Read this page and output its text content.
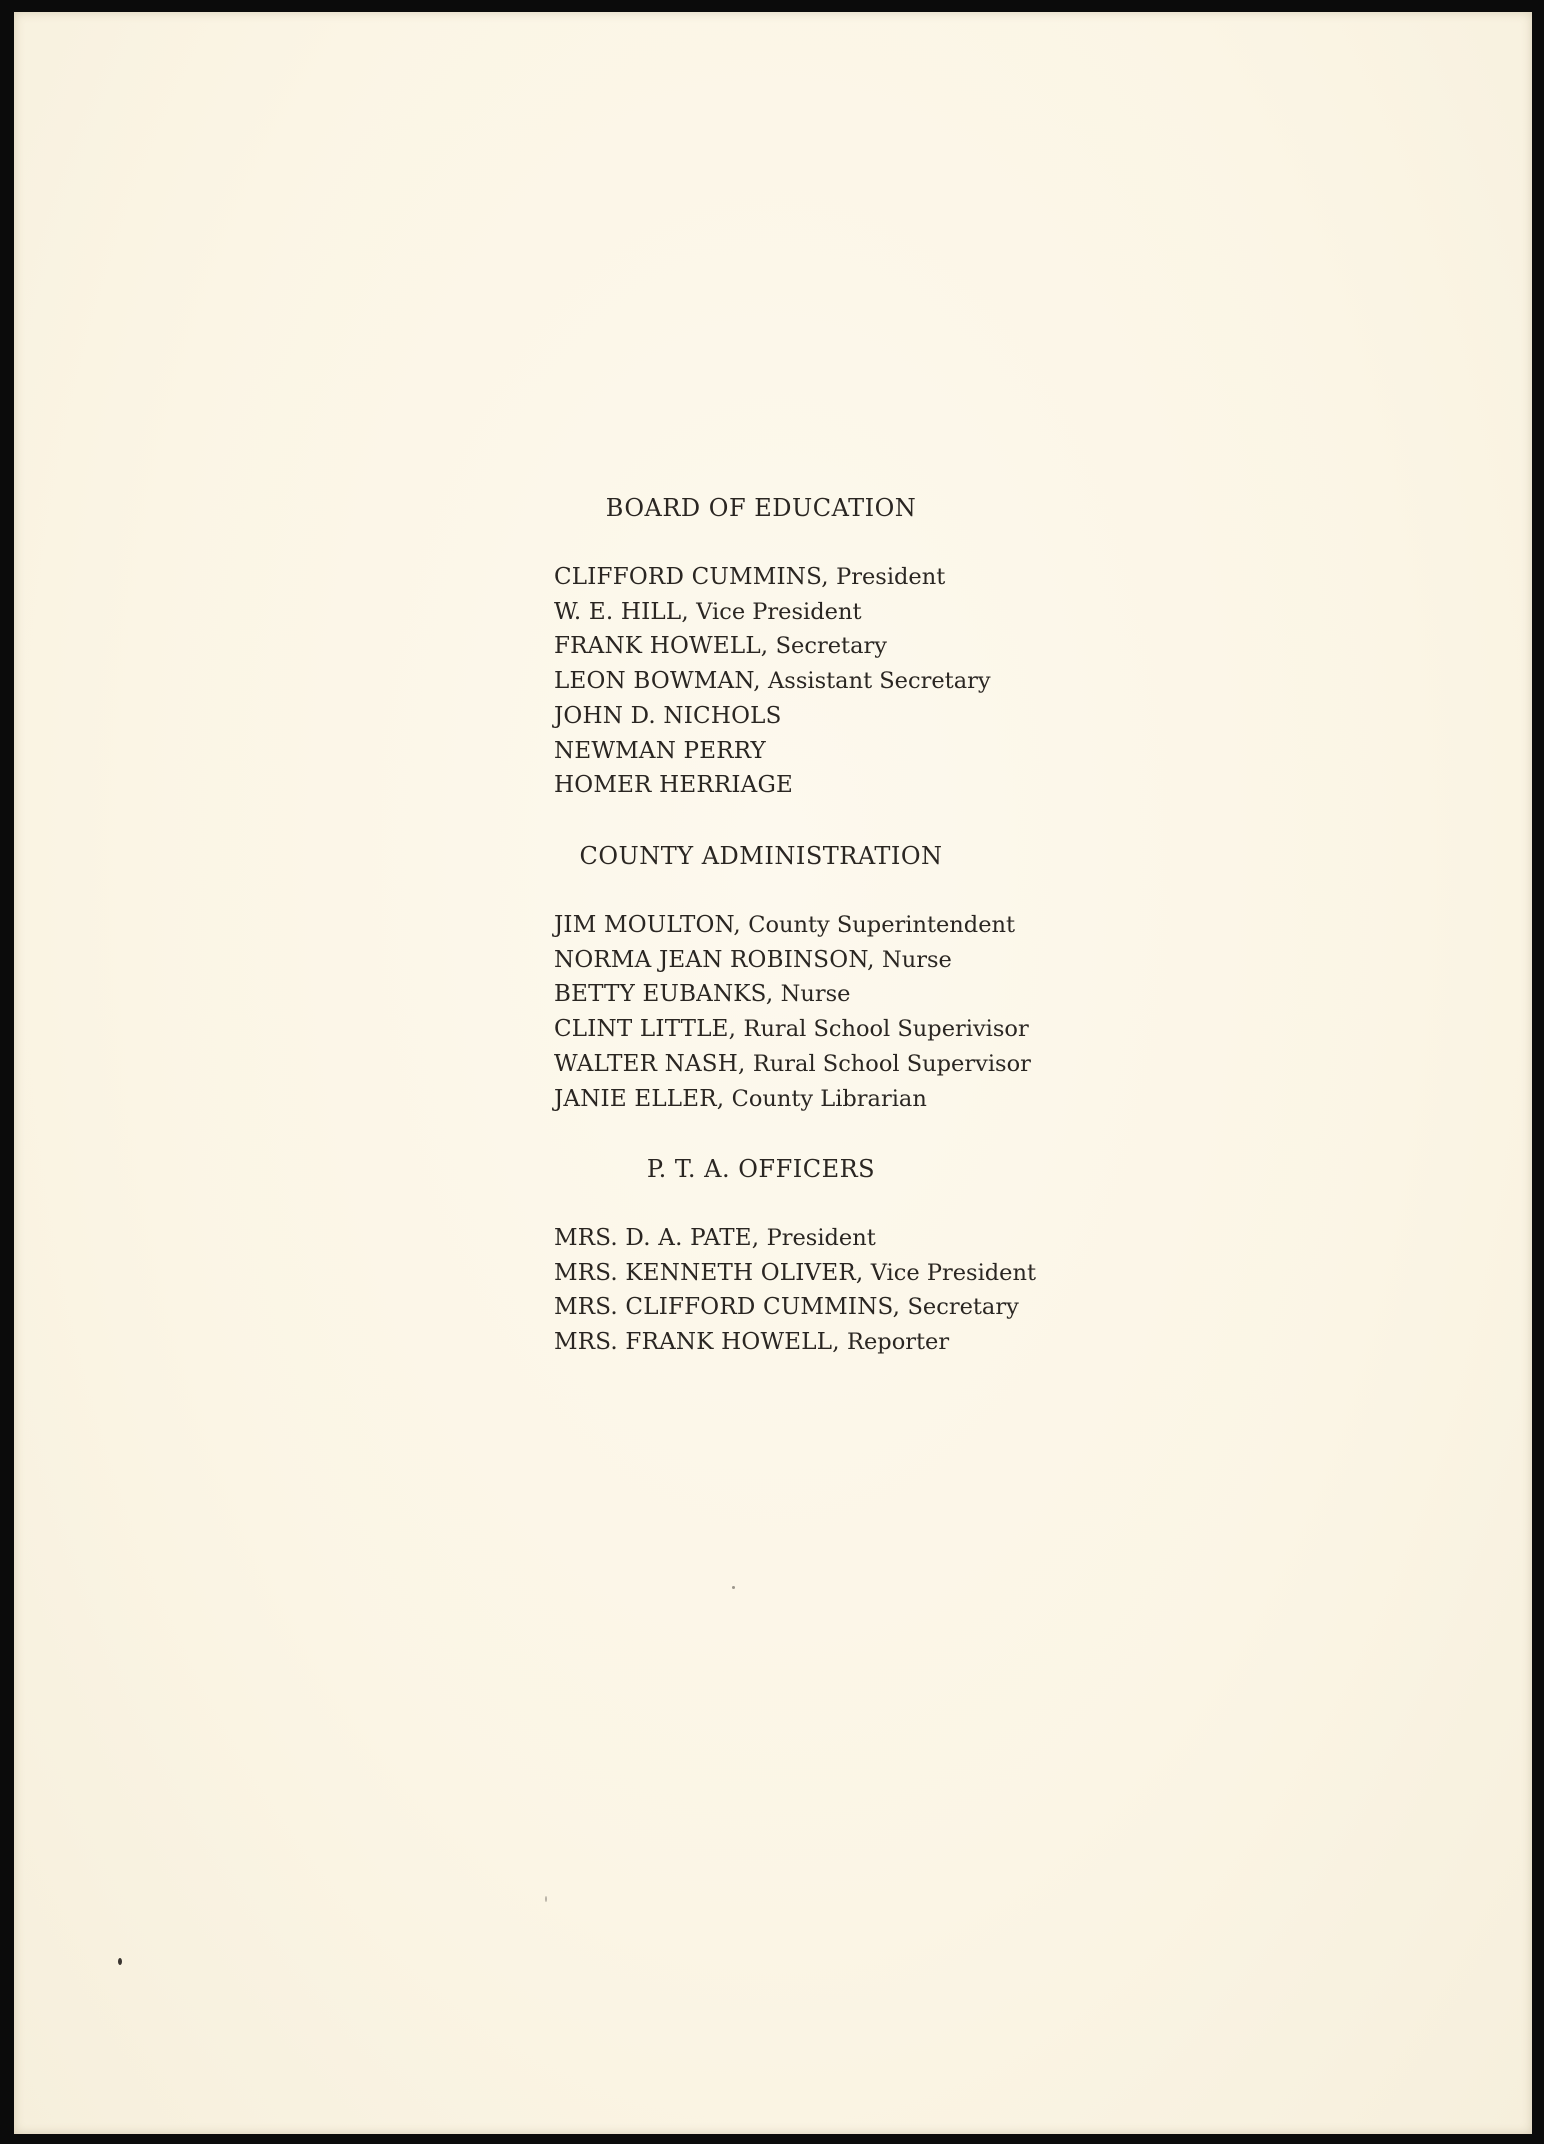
BOARD OF EDUCATION
CLIFFORD CUMMINS, President
W. E. HILL, Vice President
FRANK HOWELL, Secretary
LEON BOWMAN, Assistant Secretary
JOHN D. NICHOLS
NEWMAN PERRY
HOMER HERRIAGE
COUNTY ADMINISTRATION
JIM MOULTON, County Superintendent
NORMA JEAN ROBINSON, Nurse
BETTY EUBANKS, Nurse
CLINT LITTLE, Rural School Superivisor
WALTER NASH, Rural School Supervisor
JANIE ELLER, County Librarian
P. T. A. OFFICERS
MRS. D. A. PATE, President
MRS. KENNETH OLIVER, Vice President
MRS. CLIFFORD CUMMINS, Secretary
MRS. FRANK HOWELL, Reporter
